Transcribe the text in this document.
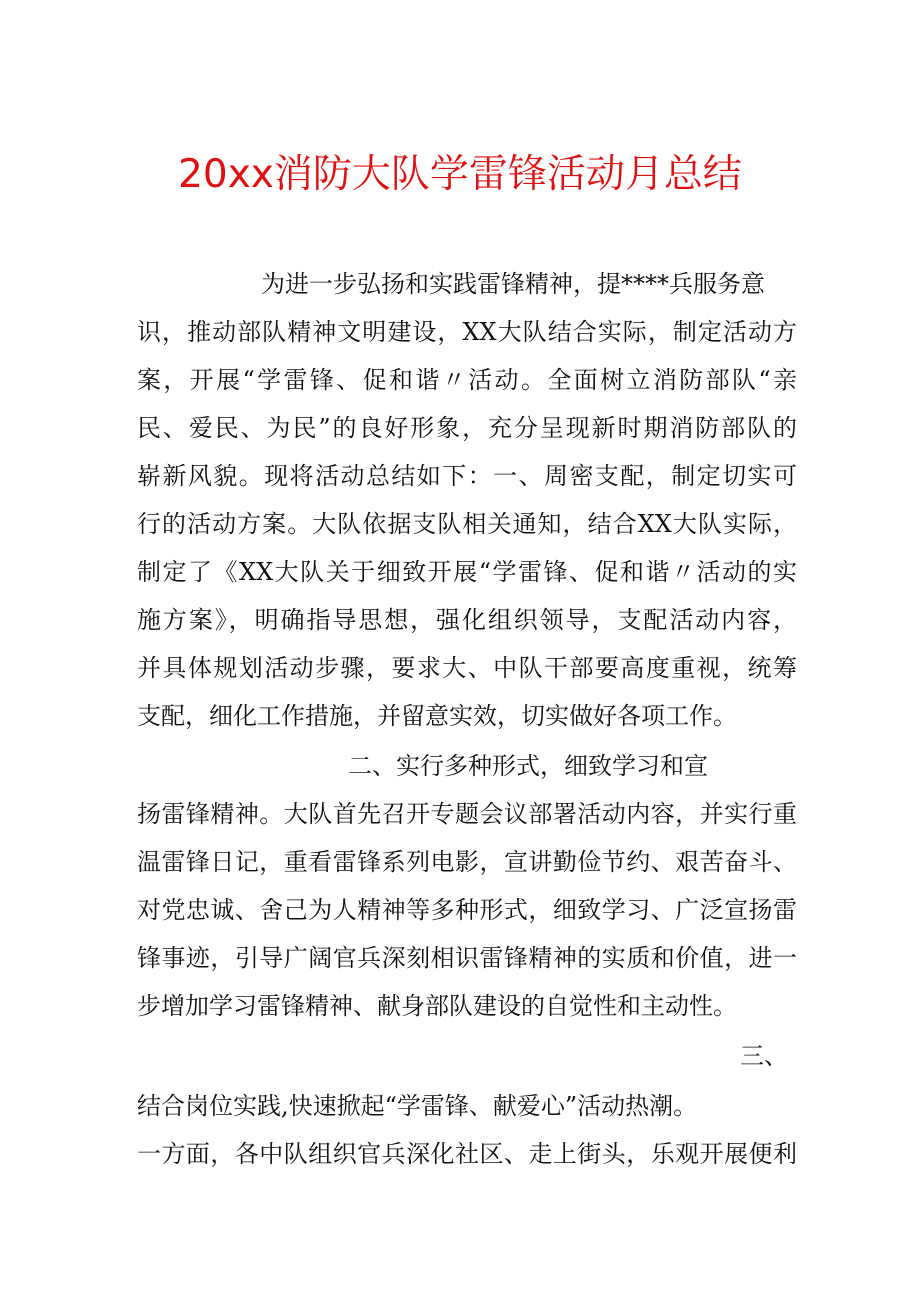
20xx消防大队学雷锋活动月总结
为进一步弘扬和实践雷锋精神，提****兵服务意
识，推动部队精神文明建设，XX大队结合实际，制定活动方
案，开展“学雷锋、促和谐〃活动。全面树立消防部队“亲
民、爱民、为民”的良好形象，充分呈现新时期消防部队的
崭新风貌。现将活动总结如下：一、周密支配，制定切实可
行的活动方案。大队依据支队相关通知，结合XX大队实际，
制定了《XX大队关于细致开展“学雷锋、促和谐〃活动的实
施方案》，明确指导思想，强化组织领导，支配活动内容，
并具体规划活动步骤，要求大、中队干部要高度重视，统筹
支配，细化工作措施，并留意实效，切实做好各项工作。
二、实行多种形式，细致学习和宣
扬雷锋精神。大队首先召开专题会议部署活动内容，并实行重
温雷锋日记，重看雷锋系列电影，宣讲勤俭节约、艰苦奋斗、
对党忠诚、舍己为人精神等多种形式，细致学习、广泛宣扬雷
锋事迹，引导广阔官兵深刻相识雷锋精神的实质和价值，进一
步增加学习雷锋精神、献身部队建设的自觉性和主动性。
三、
结合岗位实践,快速掀起“学雷锋、献爱心”活动热潮。
一方面，各中队组织官兵深化社区、走上街头，乐观开展便利
